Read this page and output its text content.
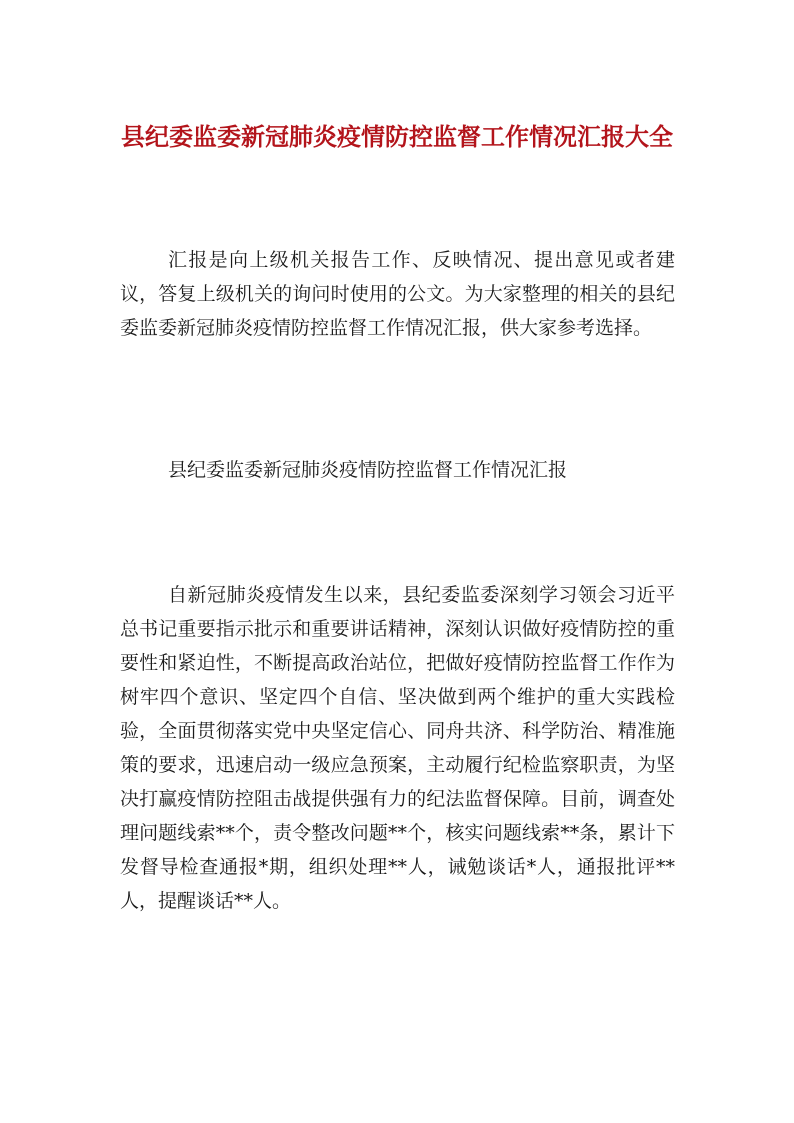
县纪委监委新冠肺炎疫情防控监督工作情况汇报大全

汇报是向上级机关报告工作、反映情况、提出意见或者建议，答复上级机关的询问时使用的公文。为大家整理的相关的县纪委监委新冠肺炎疫情防控监督工作情况汇报，供大家参考选择。

县纪委监委新冠肺炎疫情防控监督工作情况汇报

自新冠肺炎疫情发生以来，县纪委监委深刻学习领会习近平总书记重要指示批示和重要讲话精神，深刻认识做好疫情防控的重要性和紧迫性，不断提高政治站位，把做好疫情防控监督工作作为树牢四个意识、坚定四个自信、坚决做到两个维护的重大实践检验，全面贯彻落实党中央坚定信心、同舟共济、科学防治、精准施策的要求，迅速启动一级应急预案，主动履行纪检监察职责，为坚决打赢疫情防控阻击战提供强有力的纪法监督保障。目前，调查处理问题线索**个，责令整改问题**个，核实问题线索**条，累计下发督导检查通报*期，组织处理**人，诫勉谈话*人，通报批评**人，提醒谈话**人。
